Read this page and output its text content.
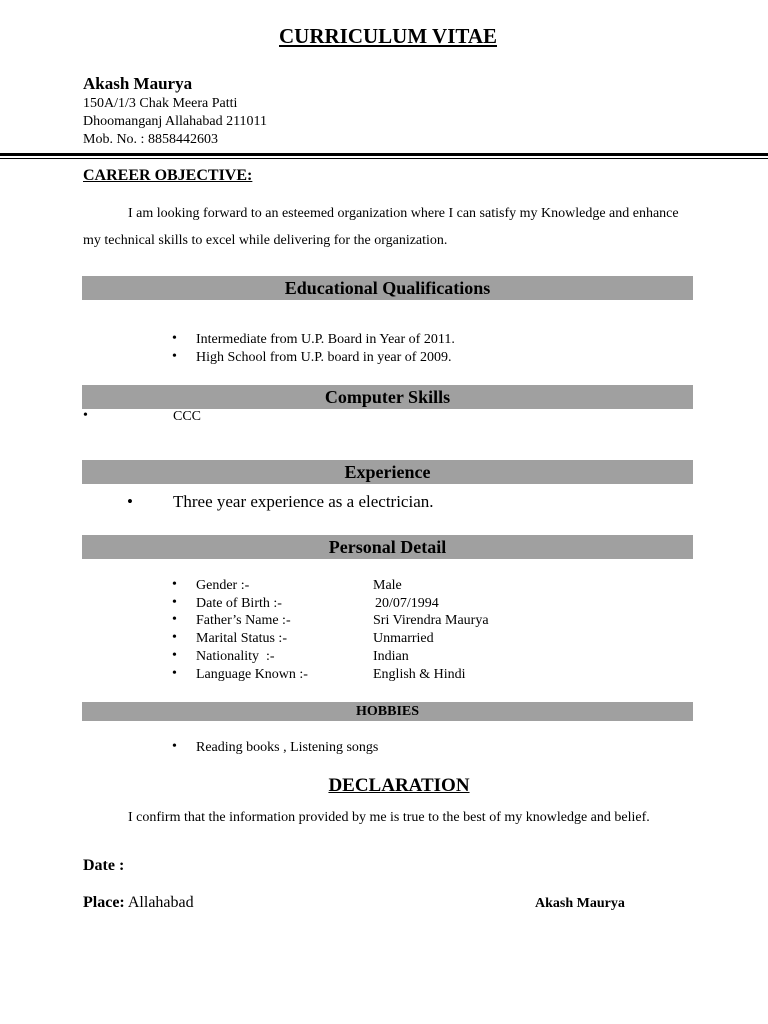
CURRICULUM VITAE
Akash Maurya
150A/1/3 Chak Meera Patti
Dhoomanganj Allahabad 211011
Mob. No. : 8858442603
CAREER OBJECTIVE:
I am looking forward to an esteemed organization where I can satisfy my Knowledge and enhance my technical skills to excel while delivering for the organization.
Educational Qualifications
• Intermediate from U.P. Board in Year of 2011.
• High School from U.P. board in year of 2009.
Computer Skills
•	CCC
Experience
• Three year experience as a electrician.
Personal Detail
• Gender :-	Male
• Date of Birth :-	20/07/1994
• Father’s Name :-	Sri Virendra Maurya
• Marital Status :-	Unmarried
• Nationality  :-	Indian
• Language Known :-	English & Hindi
HOBBIES
• Reading books , Listening songs
DECLARATION
I confirm that the information provided by me is true to the best of my knowledge and belief.
Date :
Place: Allahabad	Akash Maurya
